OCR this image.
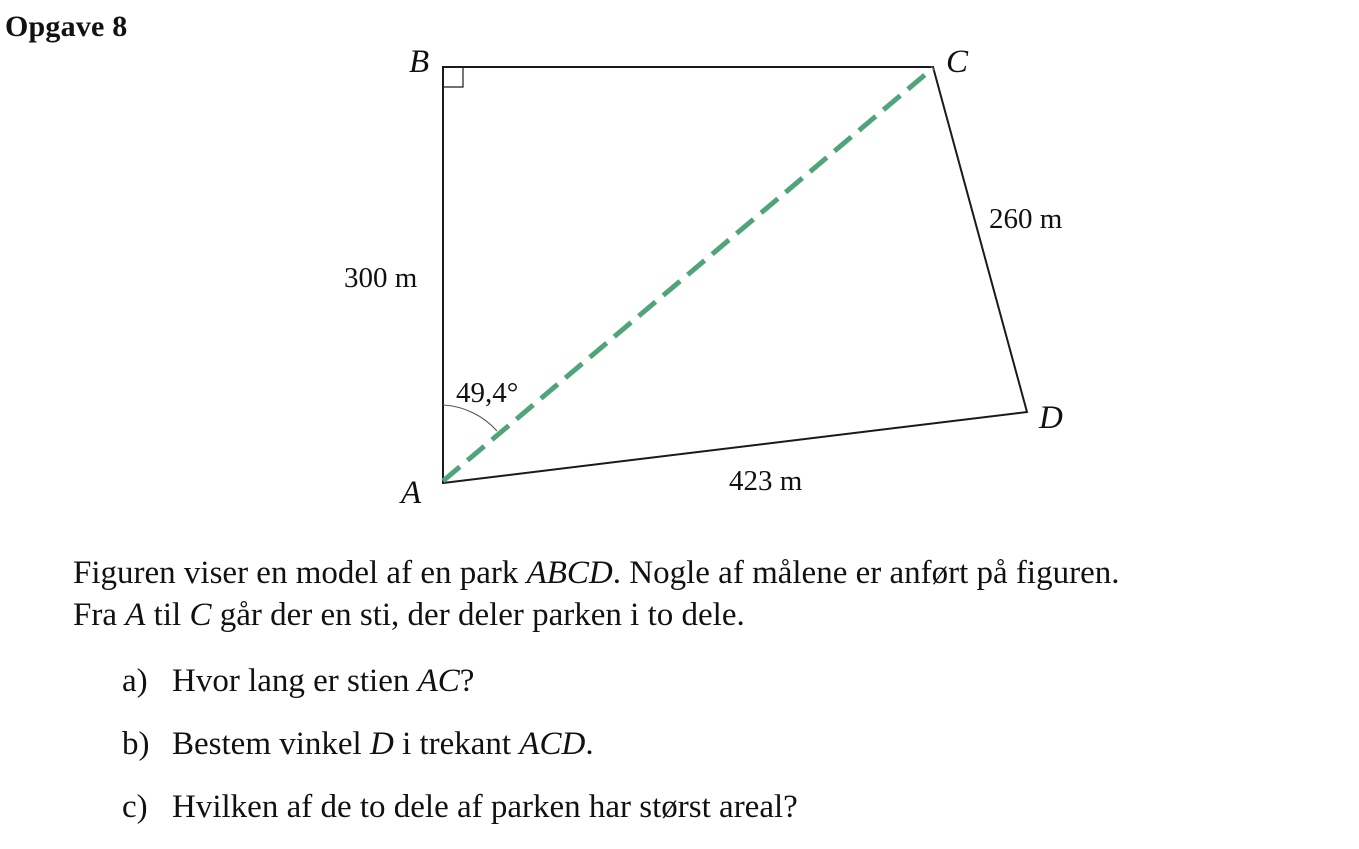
Opgave 8
B	C
A
D
300 m
260 m
423 m
49,4°

Figuren viser en model af en park ABCD. Nogle af målene er anført på figuren.
Fra A til C går der en sti, der deler parken i to dele.

a) Hvor lang er stien AC?
b) Bestem vinkel D i trekant ACD.
c) Hvilken af de to dele af parken har størst areal?
